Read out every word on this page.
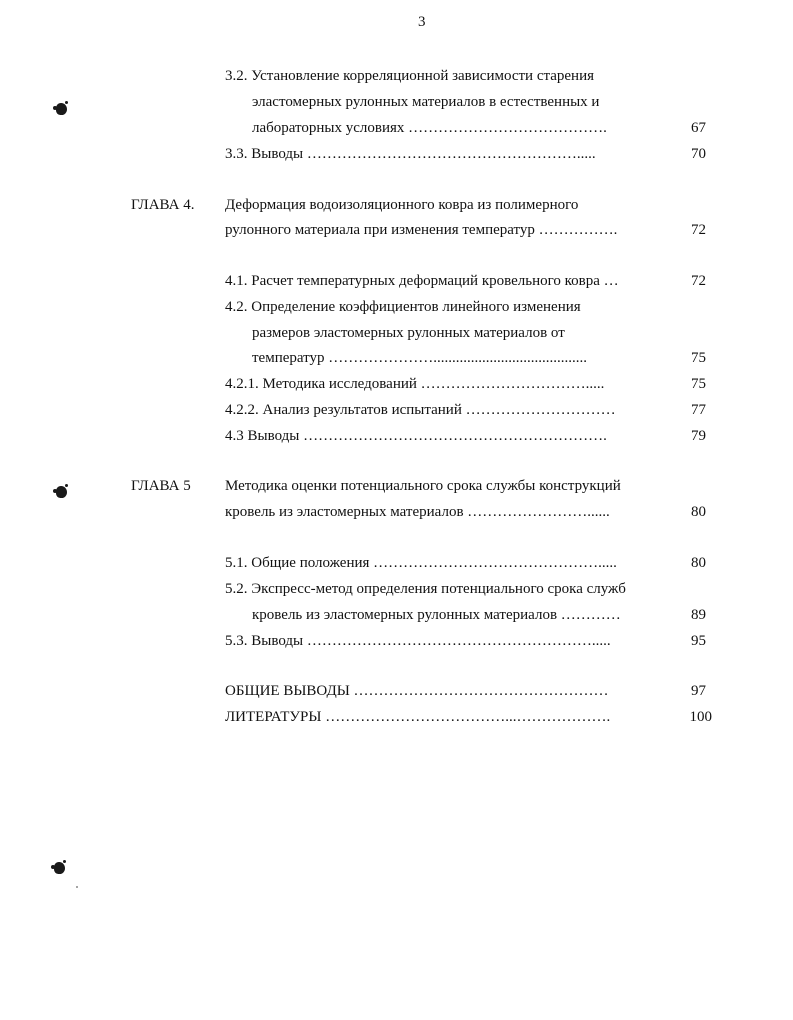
3
3.2. Установление корреляционной зависимости старения
эластомерных рулонных материалов в естественных и
лабораторных условиях ………………………………….	67
3.3. Выводы ……………………………………………….....	70
ГЛАВА 4. Деформация водоизоляционного ковра из полимерного
рулонного материала при изменения температур …………….	72
4.1. Расчет температурных деформаций кровельного ковра …	72
4.2. Определение коэффициентов линейного изменения
размеров эластомерных рулонных материалов от
температур ………………….........................................	75
4.2.1. Методика исследований …………………………….....	75
4.2.2. Анализ результатов испытаний …………………………	77
4.3 Выводы …………………………………………………….	79
ГЛАВА 5 Методика оценки потенциального срока службы конструкций
кровель из эластомерных материалов ……………………......	80
5.1. Общие положения ……………………………………….....	80
5.2. Экспресс-метод определения потенциального срока служб
кровель из эластомерных рулонных материалов …………	89
5.3. Выводы ………………………………………………….....	95
ОБЩИЕ ВЫВОДЫ ……………………………………………	97
ЛИТЕРАТУРЫ ………………………………...……………….	100
